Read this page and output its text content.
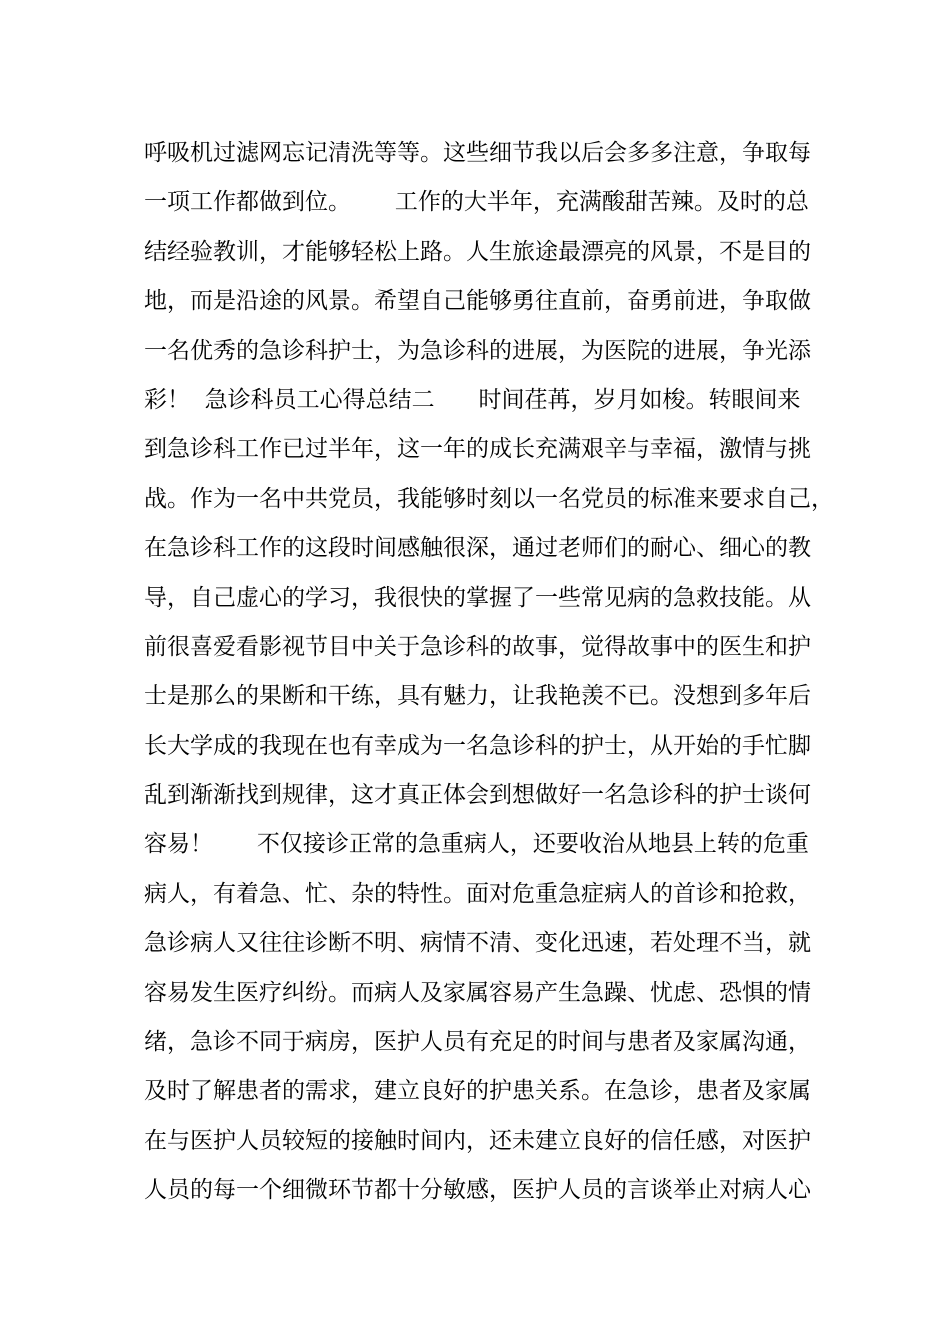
呼吸机过滤网忘记清洗等等。这些细节我以后会多多注意，争取每
一项工作都做到位。      工作的大半年，充满酸甜苦辣。及时的总
结经验教训，才能够轻松上路。人生旅途最漂亮的风景，不是目的
地，而是沿途的风景。希望自己能够勇往直前，奋勇前进，争取做
一名优秀的急诊科护士，为急诊科的进展，为医院的进展，争光添
彩！  急诊科员工心得总结二      时间荏苒，岁月如梭。转眼间来
到急诊科工作已过半年，这一年的成长充满艰辛与幸福，激情与挑
战。作为一名中共党员，我能够时刻以一名党员的标准来要求自己，
在急诊科工作的这段时间感触很深，通过老师们的耐心、细心的教
导，自己虚心的学习，我很快的掌握了一些常见病的急救技能。从
前很喜爱看影视节目中关于急诊科的故事，觉得故事中的医生和护
士是那么的果断和干练，具有魅力，让我艳羡不已。没想到多年后
长大学成的我现在也有幸成为一名急诊科的护士，从开始的手忙脚
乱到渐渐找到规律，这才真正体会到想做好一名急诊科的护士谈何
容易！      不仅接诊正常的急重病人，还要收治从地县上转的危重
病人，有着急、忙、杂的特性。面对危重急症病人的首诊和抢救，
急诊病人又往往诊断不明、病情不清、变化迅速，若处理不当，就
容易发生医疗纠纷。而病人及家属容易产生急躁、忧虑、恐惧的情
绪，急诊不同于病房，医护人员有充足的时间与患者及家属沟通，
及时了解患者的需求，建立良好的护患关系。在急诊，患者及家属
在与医护人员较短的接触时间内，还未建立良好的信任感，对医护
人员的每一个细微环节都十分敏感，医护人员的言谈举止对病人心
